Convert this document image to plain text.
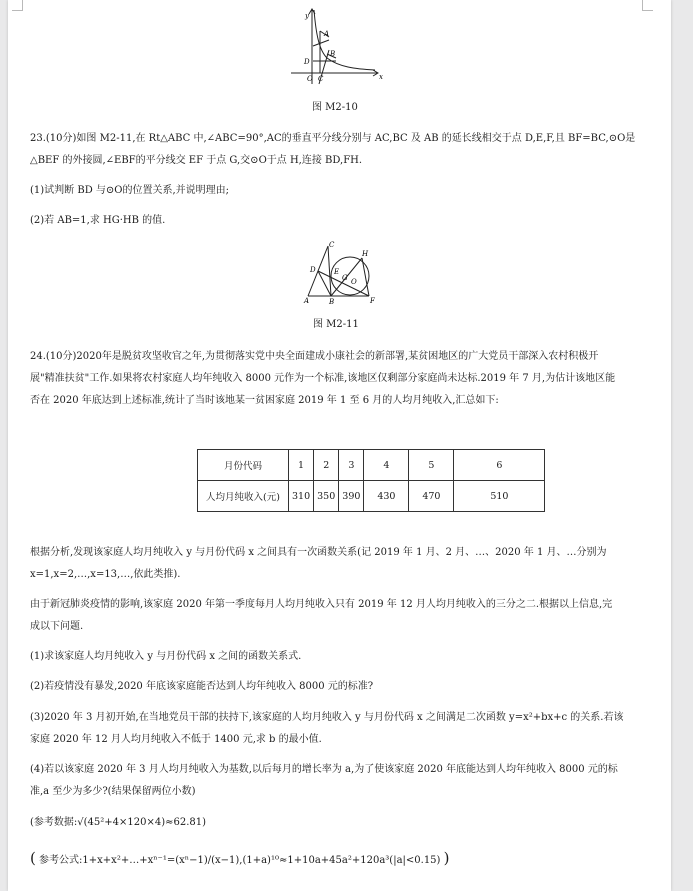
y
A
B
D
O C	x
图 M2-10
23.(10分)如图 M2-11,在 Rt△ABC 中,∠ABC=90°,AC的垂直平分线分别与 AC,BC 及 AB 的延长线相交于点 D,E,F,且 BF=BC,⊙O是
△BEF 的外接圆,∠EBF的平分线交 EF 于点 G,交⊙O于点 H,连接 BD,FH.
(1)试判断 BD 与⊙O的位置关系,并说明理由;
(2)若 AB=1,求 HG·HB 的值.
C
D	E
H
G O
A	B	F
图 M2-11
24.(10分)2020年是脱贫攻坚收官之年,为贯彻落实党中央全面建成小康社会的新部署,某贫困地区的广大党员干部深入农村积极开
展"精准扶贫"工作.如果将农村家庭人均年纯收入 8000 元作为一个标准,该地区仅剩部分家庭尚未达标.2019 年 7 月,为估计该地区能
否在 2020 年底达到上述标准,统计了当时该地某一贫困家庭 2019 年 1 至 6 月的人均月纯收入,汇总如下:
月份代码	1	2	3	4	5	6
人均月纯收入(元)	310	350	390	430	470	510
根据分析,发现该家庭人均月纯收入 y 与月份代码 x 之间具有一次函数关系(记 2019 年 1 月、2 月、…、2020 年 1 月、…分别为
x=1,x=2,…,x=13,…,依此类推).
由于新冠肺炎疫情的影响,该家庭 2020 年第一季度每月人均月纯收入只有 2019 年 12 月人均月纯收入的三分之二.根据以上信息,完
成以下问题.
(1)求该家庭人均月纯收入 y 与月份代码 x 之间的函数关系式.
(2)若疫情没有暴发,2020 年底该家庭能否达到人均年纯收入 8000 元的标准?
(3)2020 年 3 月初开始,在当地党员干部的扶持下,该家庭的人均月纯收入 y 与月份代码 x 之间满足二次函数 y=x²+bx+c 的关系.若该
家庭 2020 年 12 月人均月纯收入不低于 1400 元,求 b 的最小值.
(4)若以该家庭 2020 年 3 月人均月纯收入为基数,以后每月的增长率为 a,为了使该家庭 2020 年底能达到人均年纯收入 8000 元的标
准,a 至少为多少?(结果保留两位小数)
(参考数据:√(45²+4×120×4)≈62.81)
( 参考公式:1+x+x²+…+xⁿ⁻¹=(xⁿ−1)/(x−1),(1+a)¹⁰≈1+10a+45a²+120a³(|a|<0.15) )
